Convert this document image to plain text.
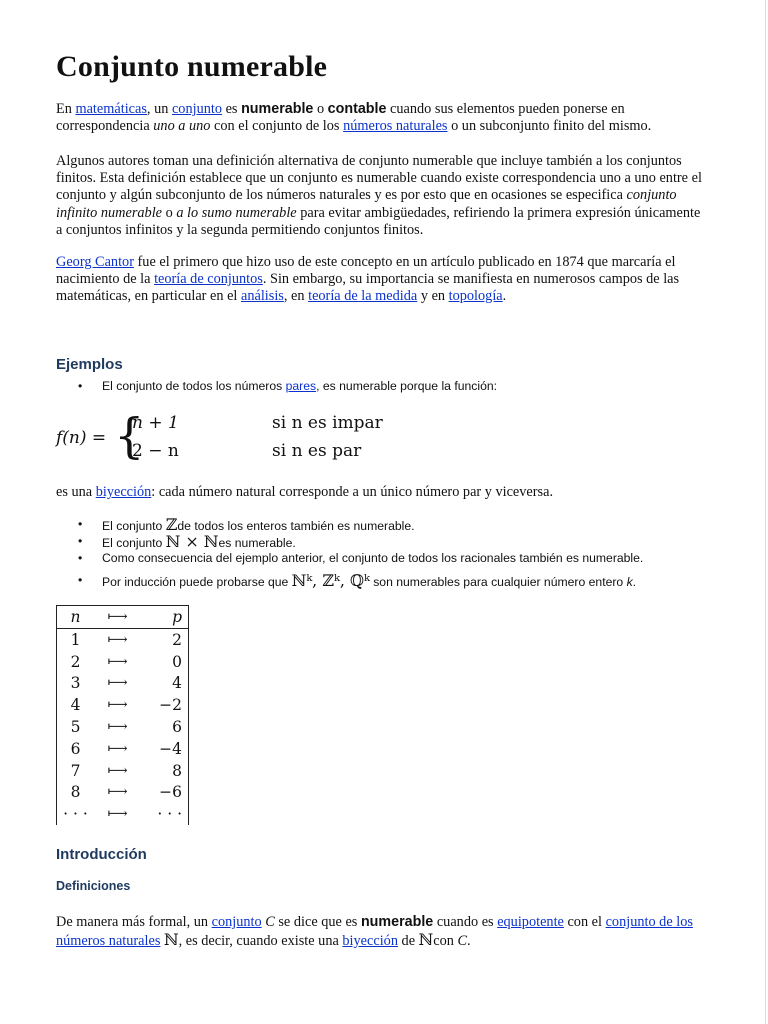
Conjunto numerable

En matemáticas, un conjunto es numerable o contable cuando sus elementos pueden ponerse en correspondencia uno a uno con el conjunto de los números naturales o un subconjunto finito del mismo.

Algunos autores toman una definición alternativa de conjunto numerable que incluye también a los conjuntos finitos. Esta definición establece que un conjunto es numerable cuando existe correspondencia uno a uno entre el conjunto y algún subconjunto de los números naturales y es por esto que en ocasiones se especifica conjunto infinito numerable o a lo sumo numerable para evitar ambigüedades, refiriendo la primera expresión únicamente a conjuntos infinitos y la segunda permitiendo conjuntos finitos.

Georg Cantor fue el primero que hizo uso de este concepto en un artículo publicado en 1874 que marcaría el nacimiento de la teoría de conjuntos. Sin embargo, su importancia se manifiesta en numerosos campos de las matemáticas, en particular en el análisis, en teoría de la medida y en topología.

Ejemplos
• El conjunto de todos los números pares, es numerable porque la función:
f(n) = {
n + 1	si n es impar
2 − n	si n es par

es una biyección: cada número natural corresponde a un único número par y viceversa.

• El conjunto ℤde todos los enteros también es numerable.
• El conjunto ℕ × ℕes numerable.
• Como consecuencia del ejemplo anterior, el conjunto de todos los racionales también es numerable.
• Por inducción puede probarse que ℕᵏ, ℤᵏ, ℚᵏ son numerables para cualquier número entero k.
n	⟼	p
1	⟼	2
2	⟼	0
3	⟼	4
4	⟼	−2
5	⟼	6
6	⟼	−4
7	⟼	8
8	⟼	−6
· · ·	⟼	· · ·
Introducción
Definiciones

De manera más formal, un conjunto C se dice que es numerable cuando es equipotente con el conjunto de los números naturales ℕ, es decir, cuando existe una biyección de ℕcon C.
